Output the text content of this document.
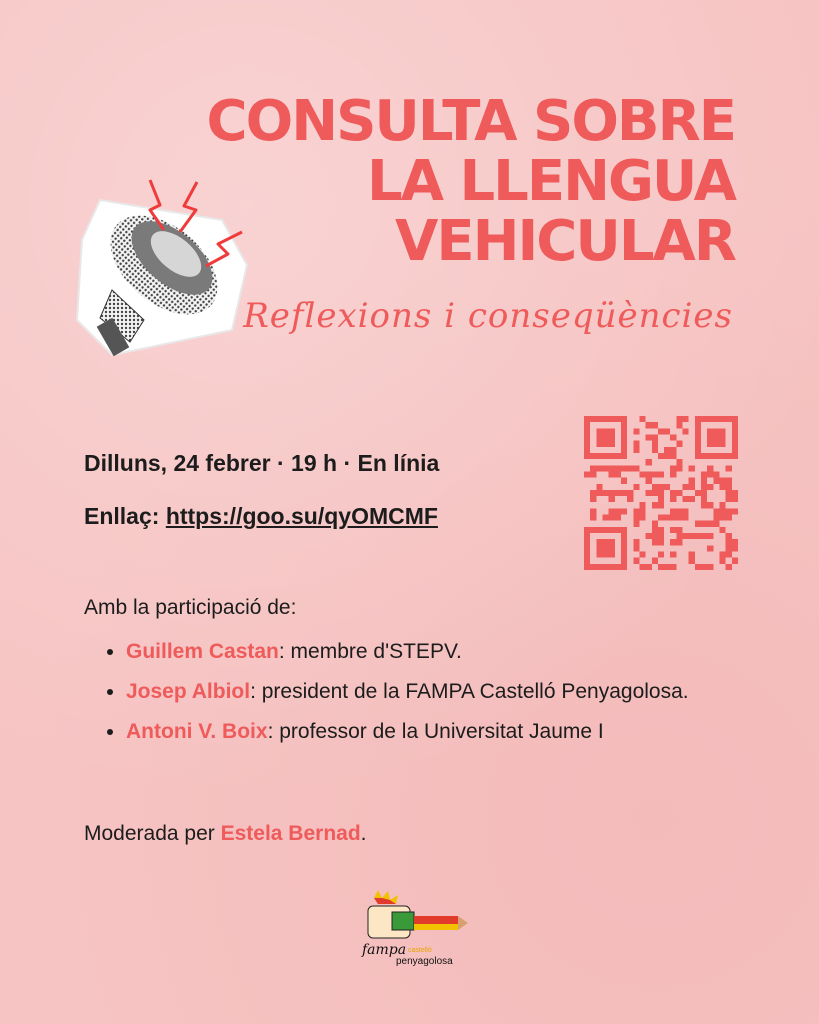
CONSULTA SOBRE
LA LLENGUA
VEHICULAR
Reflexions i conseqüències
Dilluns, 24 febrer · 19 h · En línia
Enllaç: https://goo.su/qyOMCMF
Amb la participació de:
• Guillem Castan: membre d'STEPV.
• Josep Albiol: president de la FAMPA Castelló Penyagolosa.
• Antoni V. Boix: professor de la Universitat Jaume I
Moderada per Estela Bernad.
fampa castelló
penyagolosa
